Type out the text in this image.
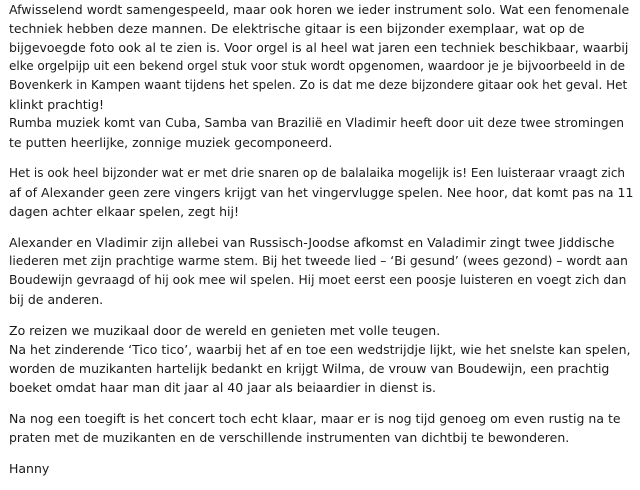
Afwisselend wordt samengespeeld, maar ook horen we ieder instrument solo. Wat een fenomenale
techniek hebben deze mannen. De elektrische gitaar is een bijzonder exemplaar, wat op de
bijgevoegde foto ook al te zien is. Voor orgel is al heel wat jaren een techniek beschikbaar, waarbij
elke orgelpijp uit een bekend orgel stuk voor stuk wordt opgenomen, waardoor je je bijvoorbeeld in de
Bovenkerk in Kampen waant tijdens het spelen. Zo is dat me deze bijzondere gitaar ook het geval. Het
klinkt prachtig!
Rumba muziek komt van Cuba, Samba van Brazilië en Vladimir heeft door uit deze twee stromingen
te putten heerlijke, zonnige muziek gecomponeerd.

Het is ook heel bijzonder wat er met drie snaren op de balalaika mogelijk is! Een luisteraar vraagt zich
af of Alexander geen zere vingers krijgt van het vingervlugge spelen. Nee hoor, dat komt pas na 11
dagen achter elkaar spelen, zegt hij!

Alexander en Vladimir zijn allebei van Russisch-Joodse afkomst en Valadimir zingt twee Jiddische
liederen met zijn prachtige warme stem. Bij het tweede lied – ‘Bi gesund’ (wees gezond) – wordt aan
Boudewijn gevraagd of hij ook mee wil spelen. Hij moet eerst een poosje luisteren en voegt zich dan
bij de anderen.

Zo reizen we muzikaal door de wereld en genieten met volle teugen.
Na het zinderende ‘Tico tico’, waarbij het af en toe een wedstrijdje lijkt, wie het snelste kan spelen,
worden de muzikanten hartelijk bedankt en krijgt Wilma, de vrouw van Boudewijn, een prachtig
boeket omdat haar man dit jaar al 40 jaar als beiaardier in dienst is.

Na nog een toegift is het concert toch echt klaar, maar er is nog tijd genoeg om even rustig na te
praten met de muzikanten en de verschillende instrumenten van dichtbij te bewonderen.

Hanny
